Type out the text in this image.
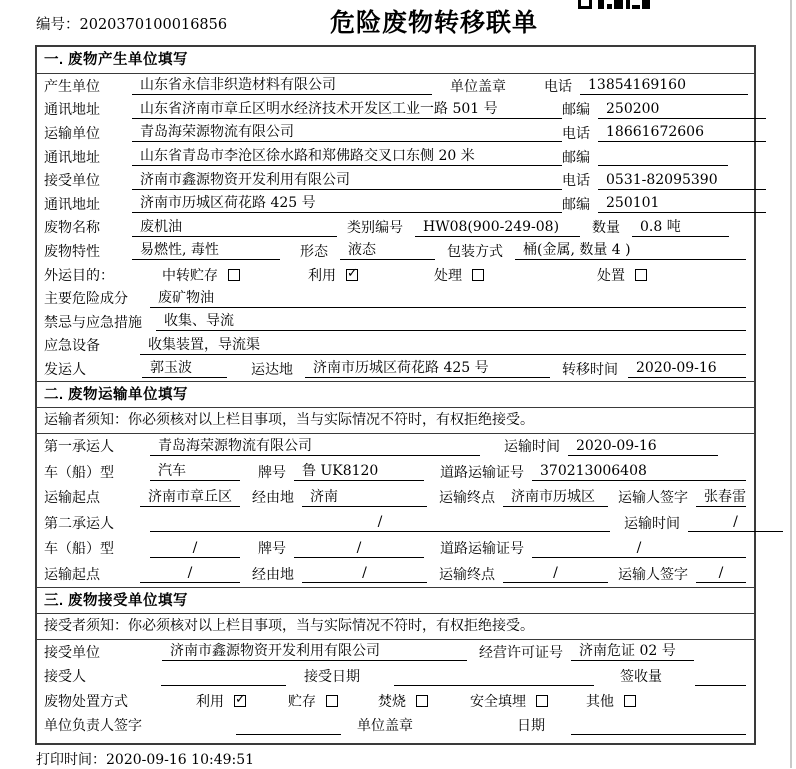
编号：2020370100016856	危险废物转移联单
一. 废物产生单位填写
产生单位	山东省永信非织造材料有限公司	单位盖章	电话	13854169160
通讯地址	山东省济南市章丘区明水经济技术开发区工业一路 501 号	邮编	250200
运输单位	青岛海荣源物流有限公司	电话	18661672606
通讯地址	山东省青岛市李沧区徐水路和郑佛路交叉口东侧 20 米	邮编
接受单位	济南市鑫源物资开发利用有限公司	电话	0531-82095390
通讯地址	济南市历城区荷花路 425 号	邮编	250101
废物名称	废机油	类别编号	HW08(900-249-08)	数量	0.8 吨
废物特性	易燃性, 毒性	形态	液态	包装方式	桶(金属, 数量 4 )
外运目的：	中转贮存	利用 ✓	处理	处置
主要危险成分	废矿物油
禁忌与应急措施	收集、导流
应急设备	收集装置，导流渠
发运人	郭玉波	运达地	济南市历城区荷花路 425 号	转移时间	2020-09-16
二. 废物运输单位填写
运输者须知：你必须核对以上栏目事项，当与实际情况不符时，有权拒绝接受。
第一承运人	青岛海荣源物流有限公司	运输时间	2020-09-16
车（船）型	汽车	牌号	鲁 UK8120	道路运输证号	370213006408
运输起点	济南市章丘区	经由地	济南	运输终点	济南市历城区	运输人签字	张春雷
第二承运人	/	运输时间	/
车（船）型	/	牌号	/	道路运输证号	/
运输起点	/	经由地	/	运输终点	/	运输人签字	/
三. 废物接受单位填写
接受者须知：你必须核对以上栏目事项，当与实际情况不符时，有权拒绝接受。
接受单位	济南市鑫源物资开发利用有限公司	经营许可证号	济南危证 02 号
接受人	接受日期	签收量
废物处置方式	利用 ✓	贮存	焚烧	安全填埋	其他
单位负责人签字	单位盖章	日期
打印时间：2020-09-16 10:49:51
